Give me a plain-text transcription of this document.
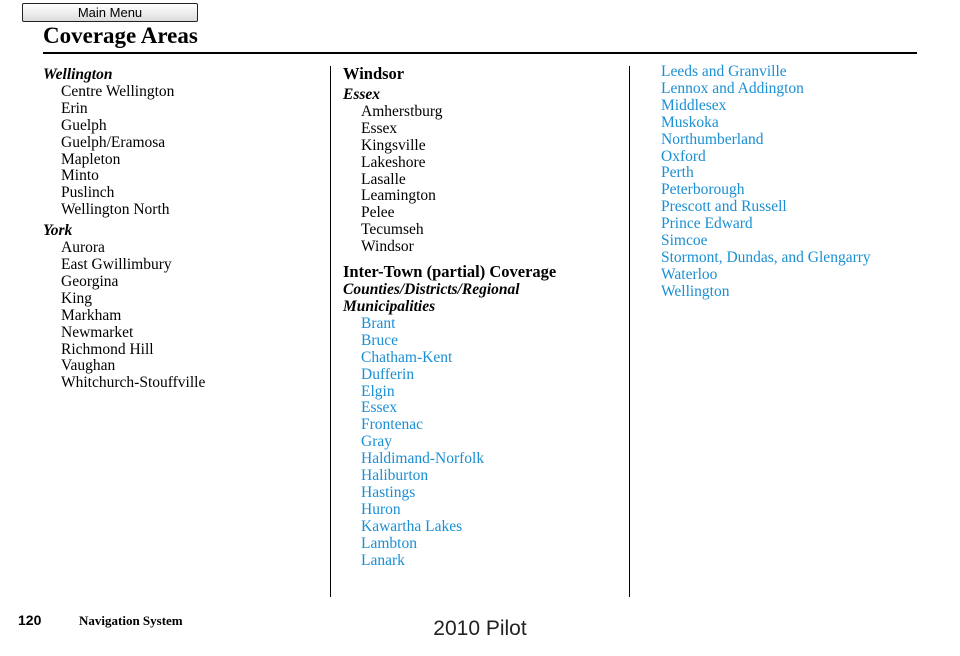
Main Menu
Coverage Areas
Wellington
Centre Wellington
Erin
Guelph
Guelph/Eramosa
Mapleton
Minto
Puslinch
Wellington North
York
Aurora
East Gwillimbury
Georgina
King
Markham
Newmarket
Richmond Hill
Vaughan
Whitchurch-Stouffville
Windsor
Essex
Amherstburg
Essex
Kingsville
Lakeshore
Lasalle
Leamington
Pelee
Tecumseh
Windsor
Inter-Town (partial) Coverage
Counties/Districts/Regional
Municipalities
Brant
Bruce
Chatham-Kent
Dufferin
Elgin
Essex
Frontenac
Gray
Haldimand-Norfolk
Haliburton
Hastings
Huron
Kawartha Lakes
Lambton
Lanark
Leeds and Granville
Lennox and Addington
Middlesex
Muskoka
Northumberland
Oxford
Perth
Peterborough
Prescott and Russell
Prince Edward
Simcoe
Stormont, Dundas, and Glengarry
Waterloo
Wellington
120	Navigation System	2010 Pilot
